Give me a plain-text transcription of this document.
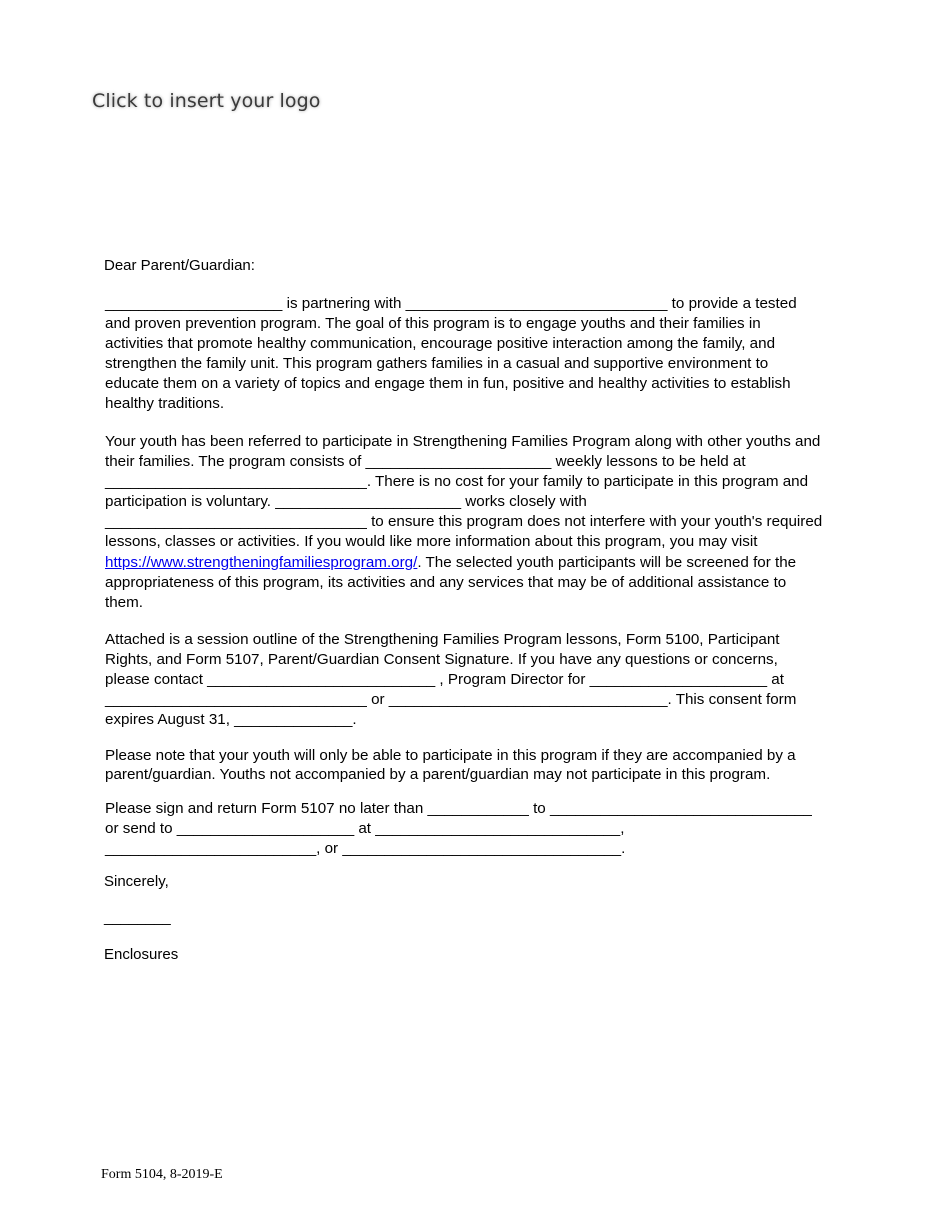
Click to insert your logo
Dear Parent/Guardian:
_____________________ is partnering with _______________________________ to provide a tested
and proven prevention program. The goal of this program is to engage youths and their families in
activities that promote healthy communication, encourage positive interaction among the family, and
strengthen the family unit. This program gathers families in a casual and supportive environment to
educate them on a variety of topics and engage them in fun, positive and healthy activities to establish
healthy traditions.
Your youth has been referred to participate in Strengthening Families Program along with other youths and
their families. The program consists of ______________________ weekly lessons to be held at
_______________________________. There is no cost for your family to participate in this program and
participation is voluntary. ______________________ works closely with
_______________________________ to ensure this program does not interfere with your youth's required
lessons, classes or activities. If you would like more information about this program, you may visit
https://www.strengtheningfamiliesprogram.org/. The selected youth participants will be screened for the
appropriateness of this program, its activities and any services that may be of additional assistance to
them.
Attached is a session outline of the Strengthening Families Program lessons, Form 5100, Participant
Rights, and Form 5107, Parent/Guardian Consent Signature. If you have any questions or concerns,
please contact ___________________________ , Program Director for _____________________ at
_______________________________ or _________________________________. This consent form
expires August 31, ______________.
Please note that your youth will only be able to participate in this program if they are accompanied by a
parent/guardian. Youths not accompanied by a parent/guardian may not participate in this program.
Please sign and return Form 5107 no later than ____________ to _______________________________
or send to _____________________ at _____________________________,
_________________________, or _________________________________.
Sincerely,
________
Enclosures
Form 5104, 8-2019-E
